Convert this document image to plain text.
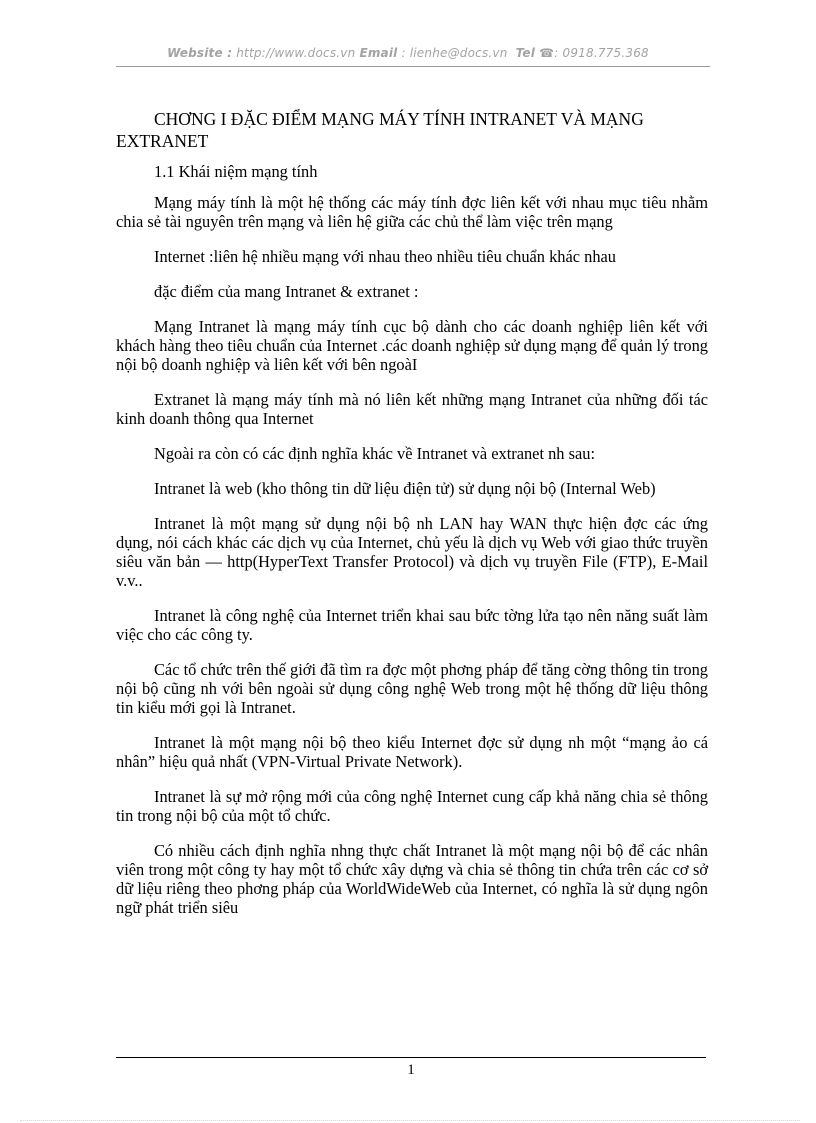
Website : http://www.docs.vn Email : lienhe@docs.vn Tel ☎: 0918.775.368
CHƠNG I ĐẶC ĐIỂM MẠNG MÁY TÍNH INTRANET VÀ MẠNG EXTRANET
1.1 Khái niệm mạng tính

Mạng máy tính là một hệ thống các máy tính đợc liên kết với nhau mục tiêu nhằm chia sẻ tài nguyên trên mạng và liên hệ giữa các chủ thể làm việc trên mạng

Internet :liên hệ nhiều mạng với nhau theo nhiều tiêu chuẩn khác nhau

đặc điểm của mang Intranet & extranet :

Mạng Intranet là mạng máy tính cục bộ dành cho các doanh nghiệp liên kết với khách hàng theo tiêu chuẩn của Internet .các doanh nghiệp sử dụng mạng để quản lý trong nội bộ doanh nghiệp và liên kết với bên ngoàI

Extranet là mạng máy tính mà nó liên kết những mạng Intranet của những đối tác kinh doanh thông qua Internet

Ngoài ra còn có các định nghĩa khác về Intranet và extranet nh sau:

Intranet là web (kho thông tin dữ liệu điện tử) sử dụng nội bộ (Internal Web)

Intranet là một mạng sử dụng nội bộ nh LAN hay WAN thực hiện đợc các ứng dụng, nói cách khác các dịch vụ của Internet, chủ yếu là dịch vụ Web với giao thức truyền siêu văn bản — http(HyperText Transfer Protocol) và dịch vụ truyền File (FTP), E-Mail v.v..

Intranet là công nghệ của Internet triển khai sau bức tờng lửa tạo nên năng suất làm việc cho các công ty.

Các tổ chức trên thế giới đã tìm ra đợc một phơng pháp để tăng cờng thông tin trong nội bộ cũng nh với bên ngoài sử dụng công nghệ Web trong một hệ thống dữ liệu thông tin kiểu mới gọi là Intranet.

Intranet là một mạng nội bộ theo kiểu Internet đợc sử dụng nh một “mạng ảo cá nhân” hiệu quả nhất (VPN-Virtual Private Network).

Intranet là sự mở rộng mới của công nghệ Internet cung cấp khả năng chia sẻ thông tin trong nội bộ của một tổ chức.

Có nhiều cách định nghĩa nhng thực chất Intranet là một mạng nội bộ để các nhân viên trong một công ty hay một tổ chức xây dựng và chia sẻ thông tin chứa trên các cơ sở dữ liệu riêng theo phơng pháp của WorldWideWeb của Internet, có nghĩa là sử dụng ngôn ngữ phát triển siêu

1
